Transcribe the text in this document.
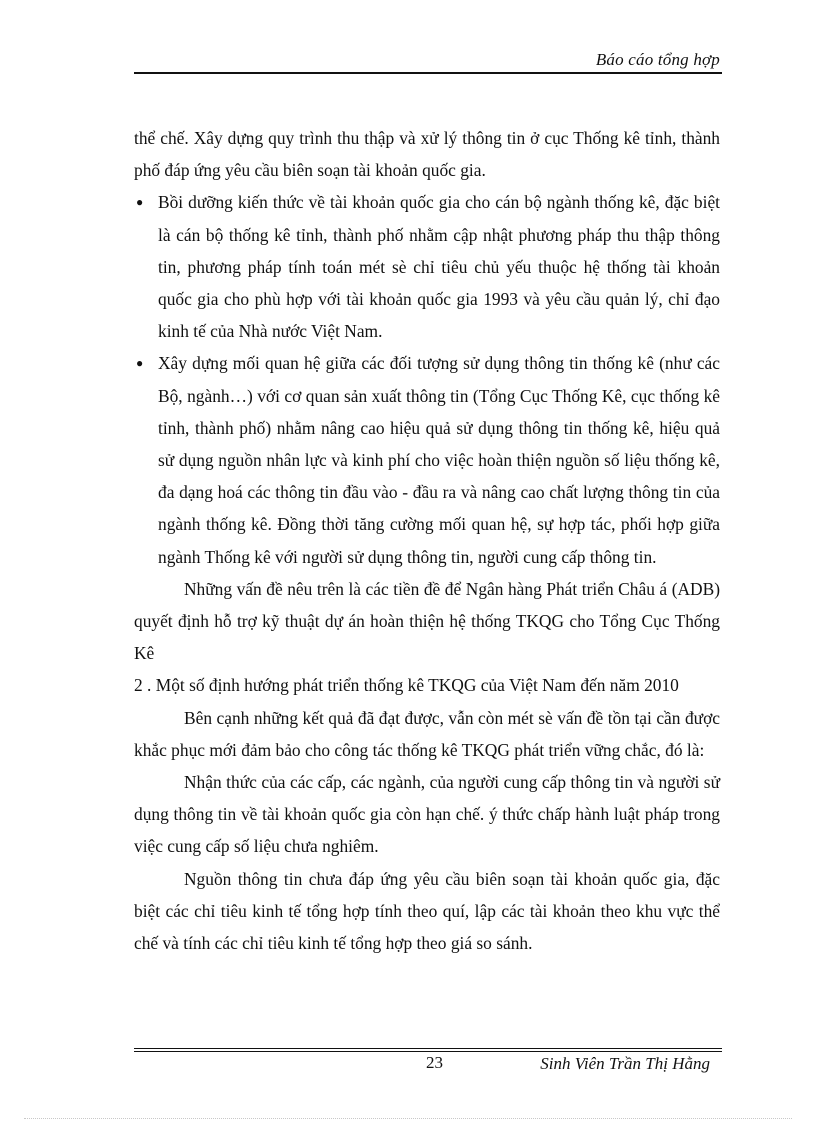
Báo cáo tổng hợp

thể chế. Xây dựng quy trình thu thập và xử lý thông tin ở cục Thống kê tỉnh, thành phố đáp ứng yêu cầu biên soạn tài khoản quốc gia.

● Bồi dưỡng kiến thức về tài khoản quốc gia cho cán bộ ngành thống kê, đặc biệt là cán bộ thống kê tỉnh, thành phố nhằm cập nhật phương pháp thu thập thông tin, phương pháp tính toán mét sè chỉ tiêu chủ yếu thuộc hệ thống tài khoản quốc gia cho phù hợp với tài khoản quốc gia 1993 và yêu cầu quản lý, chỉ đạo kinh tế của Nhà nước Việt Nam.
● Xây dựng mối quan hệ giữa các đối tượng sử dụng thông tin thống kê (như các Bộ, ngành…) với cơ quan sản xuất thông tin (Tổng Cục Thống Kê, cục thống kê tỉnh, thành phố) nhằm nâng cao hiệu quả sử dụng thông tin thống kê, hiệu quả sử dụng nguồn nhân lực và kinh phí cho việc hoàn thiện nguồn số liệu thống kê, đa dạng hoá các thông tin đầu vào - đầu ra và nâng cao chất lượng thông tin của ngành thống kê. Đồng thời tăng cường mối quan hệ, sự hợp tác, phối hợp giữa ngành Thống kê với người sử dụng thông tin, người cung cấp thông tin.

Những vấn đề nêu trên là các tiền đề để Ngân hàng Phát triển Châu á (ADB) quyết định hỗ trợ kỹ thuật dự án hoàn thiện hệ thống TKQG cho Tổng Cục Thống Kê

2 . Một số định hướng phát triển thống kê TKQG của Việt Nam đến năm 2010

Bên cạnh những kết quả đã đạt được, vẫn còn mét sè vấn đề tồn tại cần được khắc phục mới đảm bảo cho công tác thống kê TKQG phát triển vững chắc, đó là:

Nhận thức của các cấp, các ngành, của người cung cấp thông tin và người sử dụng thông tin về tài khoản quốc gia còn hạn chế. ý thức chấp hành luật pháp trong việc cung cấp số liệu chưa nghiêm.

Nguồn thông tin chưa đáp ứng yêu cầu biên soạn tài khoản quốc gia, đặc biệt các chỉ tiêu kinh tế tổng hợp tính theo quí, lập các tài khoản theo khu vực thể chế và tính các chỉ tiêu kinh tế tổng hợp theo giá so sánh.

23	Sinh Viên Trần Thị Hằng
